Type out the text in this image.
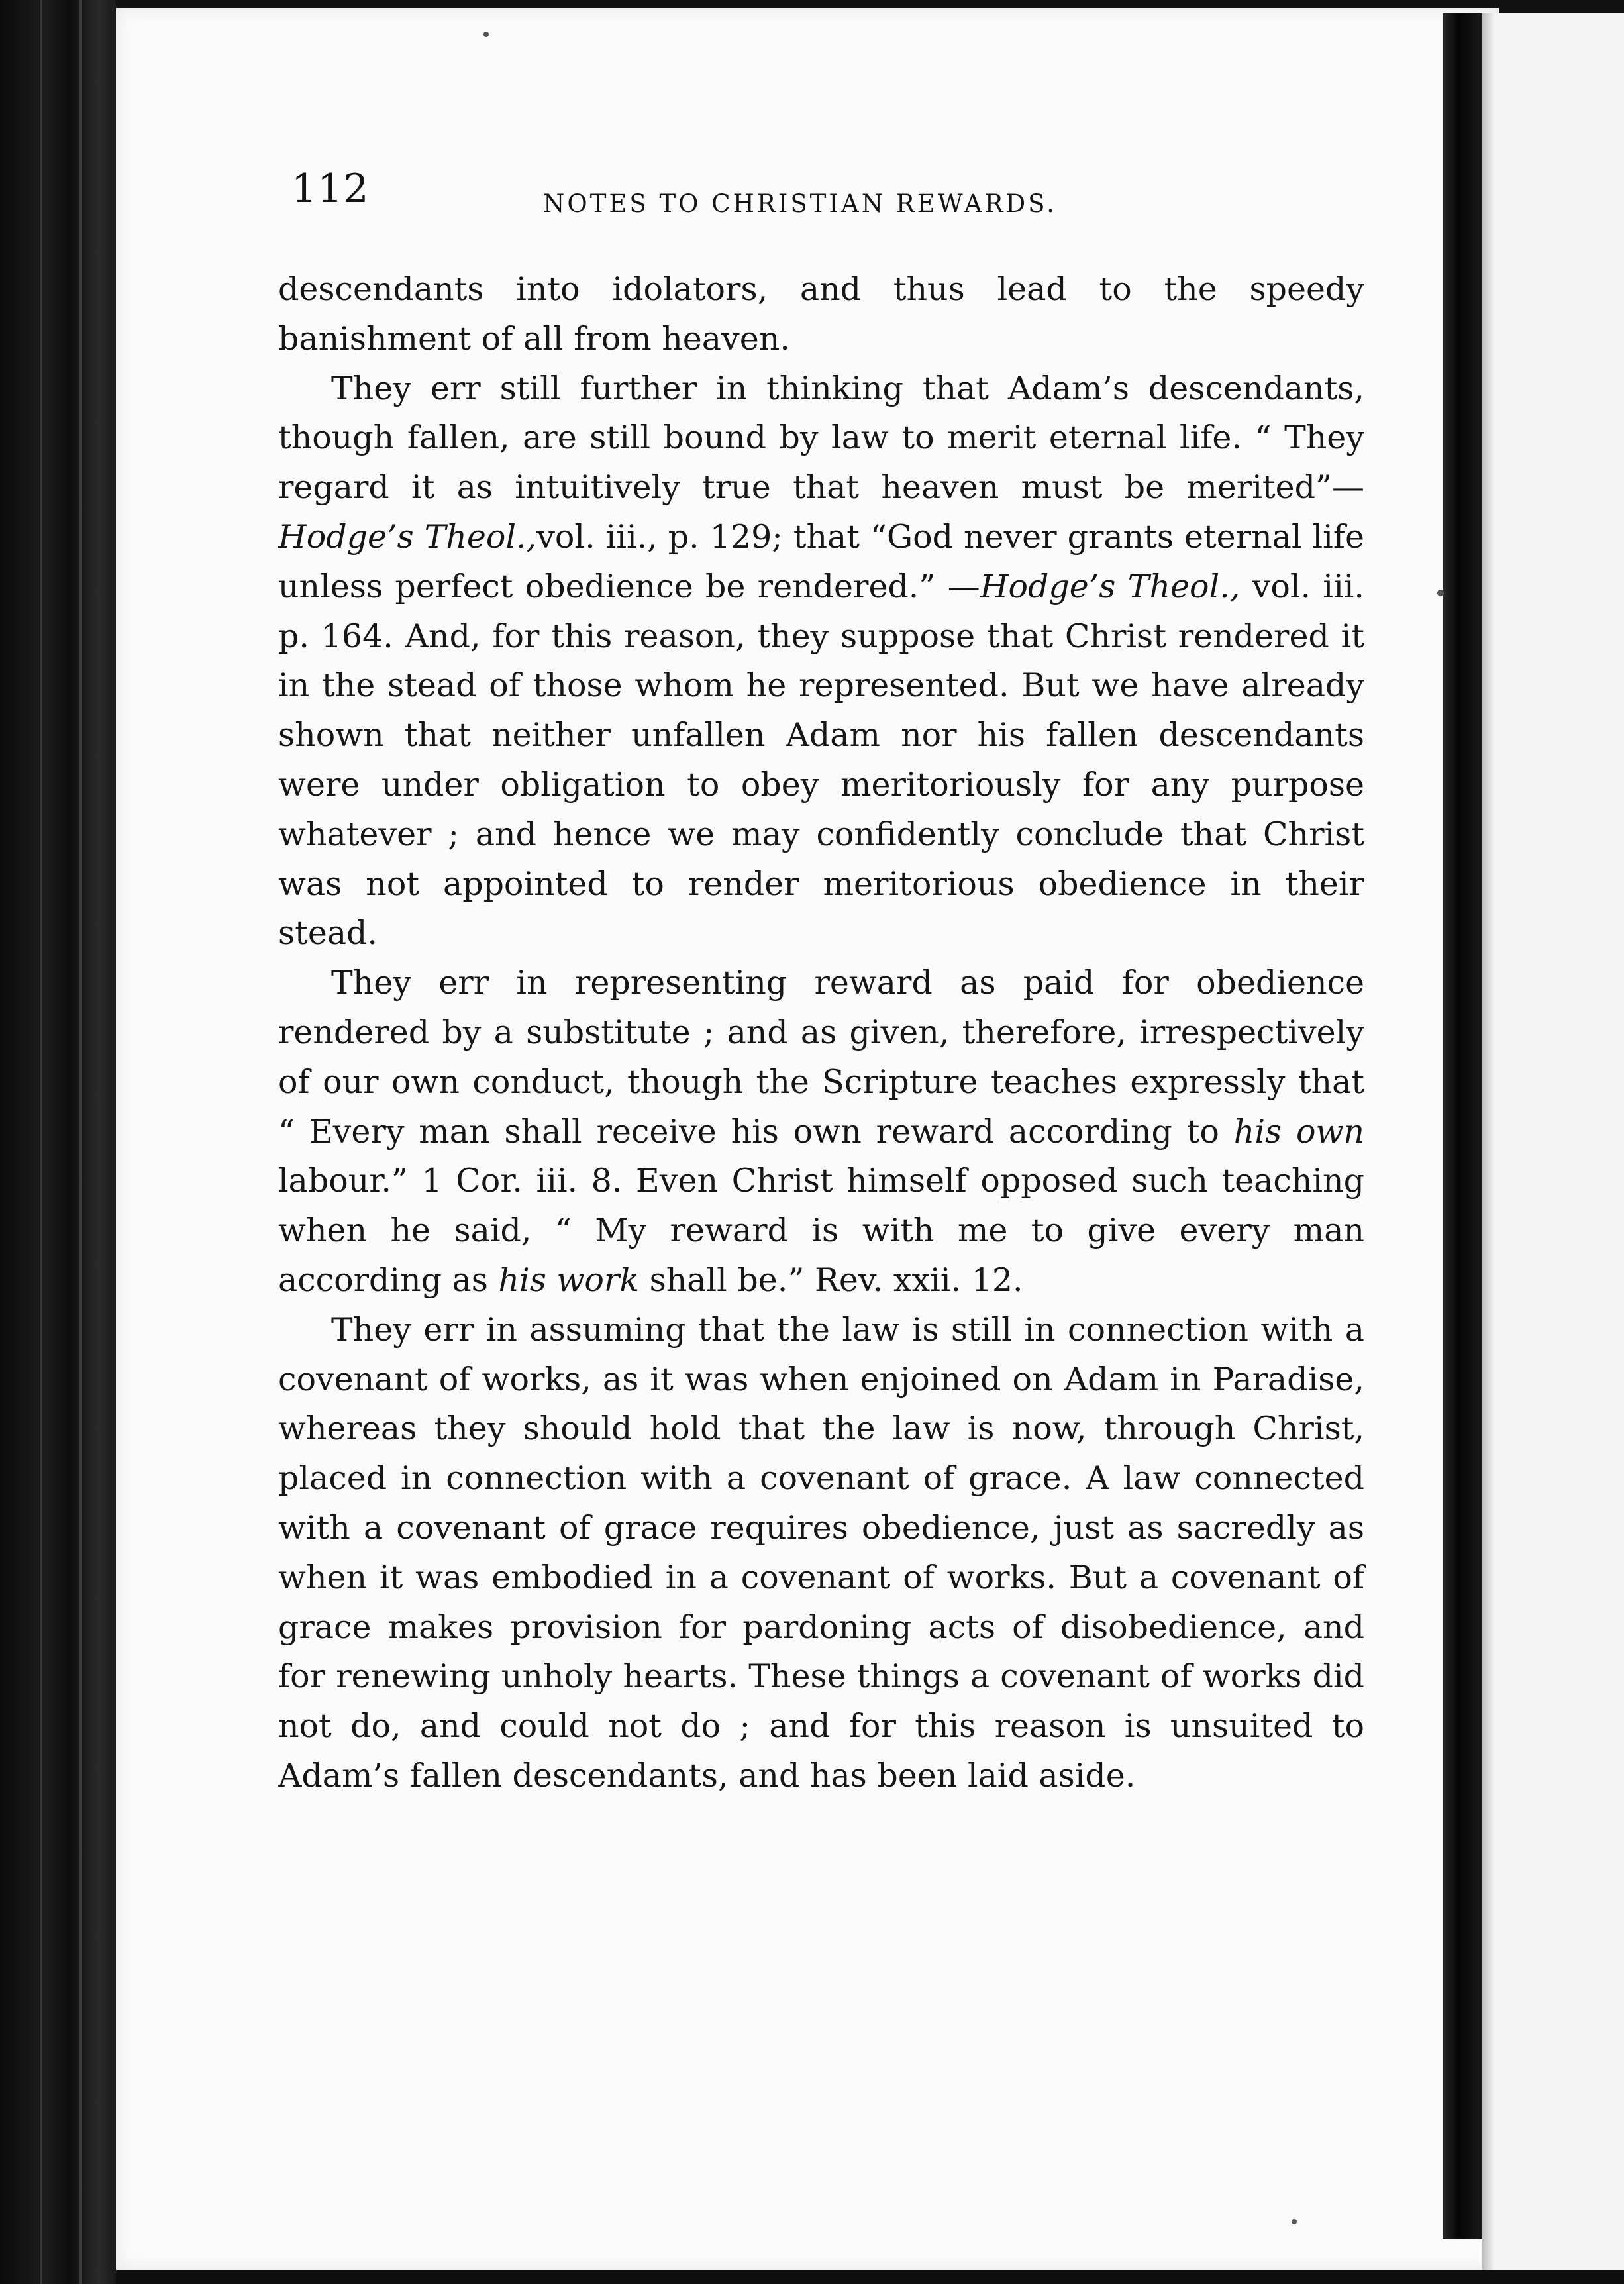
112	NOTES TO CHRISTIAN REWARDS.

descendants into idolators, and thus lead to the speedy banishment of all from heaven.

They err still further in thinking that Adam’s descendants, though fallen, are still bound by law to merit eternal life. “ They regard it as intuitively true that heaven must be merited”—Hodge’s Theol.,vol. iii., p. 129; that “God never grants eternal life unless perfect obedience be rendered.” —Hodge’s Theol., vol. iii. p. 164. And, for this reason, they suppose that Christ rendered it in the stead of those whom he represented. But we have already shown that neither unfallen Adam nor his fallen descendants were under obligation to obey meritoriously for any purpose whatever ; and hence we may confidently conclude that Christ was not appointed to render meritorious obedience in their stead.

They err in representing reward as paid for obedience rendered by a substitute ; and as given, therefore, irrespectively of our own conduct, though the Scripture teaches expressly that “ Every man shall receive his own reward according to his own labour.” 1 Cor. iii. 8. Even Christ himself opposed such teaching when he said, “ My reward is with me to give every man according as his work shall be.” Rev. xxii. 12.

They err in assuming that the law is still in connection with a covenant of works, as it was when enjoined on Adam in Paradise, whereas they should hold that the law is now, through Christ, placed in connection with a covenant of grace. A law connected with a covenant of grace requires obedience, just as sacredly as when it was embodied in a covenant of works. But a covenant of grace makes provision for pardoning acts of disobedience, and for renewing unholy hearts. These things a covenant of works did not do, and could not do ; and for this reason is unsuited to Adam’s fallen descendants, and has been laid aside.
